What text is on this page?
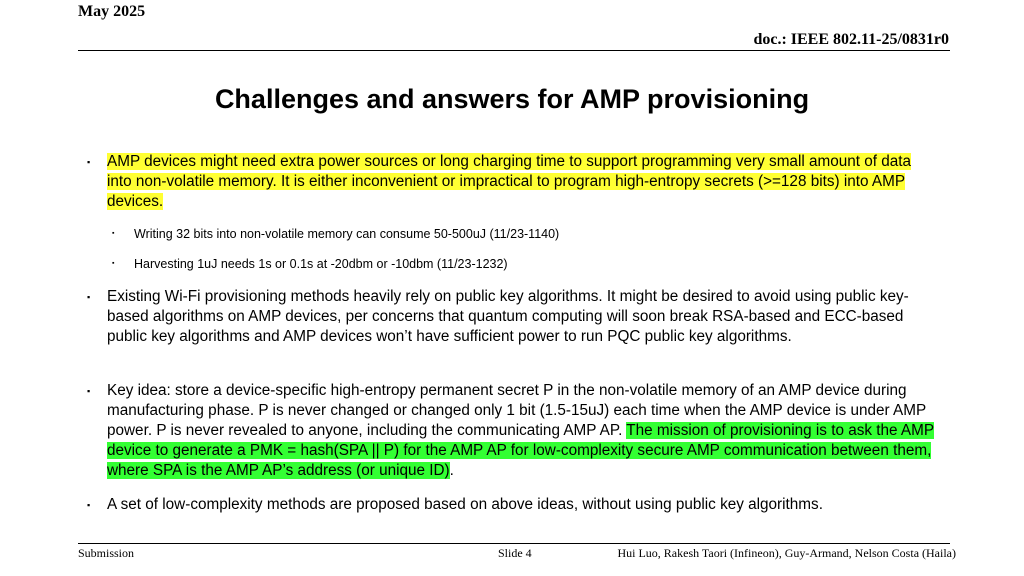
May 2025
doc.: IEEE 802.11-25/0831r0
Challenges and answers for AMP provisioning
▪ AMP devices might need extra power sources or long charging time to support programming very small amount of data into non-volatile memory. It is either inconvenient or impractical to program high-entropy secrets (>=128 bits) into AMP devices.
▪ Writing 32 bits into non-volatile memory can consume 50-500uJ (11/23-1140)
▪ Harvesting 1uJ needs 1s or 0.1s at -20dbm or -10dbm (11/23-1232)
▪ Existing Wi-Fi provisioning methods heavily rely on public key algorithms. It might be desired to avoid using public key-based algorithms on AMP devices, per concerns that quantum computing will soon break RSA-based and ECC-based public key algorithms and AMP devices won’t have sufficient power to run PQC public key algorithms.
▪ Key idea: store a device-specific high-entropy permanent secret P in the non-volatile memory of an AMP device during manufacturing phase. P is never changed or changed only 1 bit (1.5-15uJ) each time when the AMP device is under AMP power. P is never revealed to anyone, including the communicating AMP AP. The mission of provisioning is to ask the AMP device to generate a PMK = hash(SPA || P) for the AMP AP for low-complexity secure AMP communication between them, where SPA is the AMP AP’s address (or unique ID).
▪ A set of low-complexity methods are proposed based on above ideas, without using public key algorithms.
Submission	Slide 4	Hui Luo, Rakesh Taori (Infineon), Guy-Armand, Nelson Costa (Haila)
